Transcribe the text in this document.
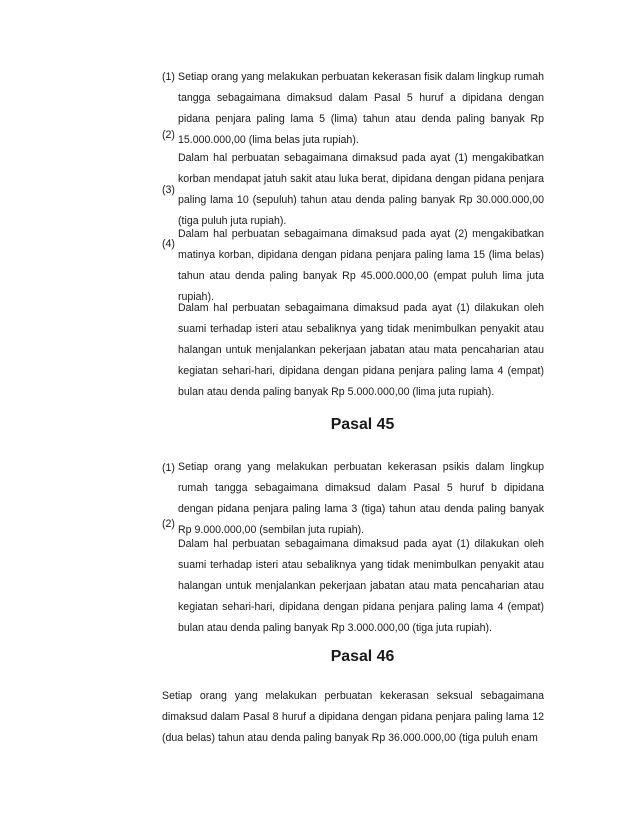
(1)
(2)
(3)
(4)

Setiap orang yang melakukan perbuatan kekerasan fisik dalam lingkup rumah tangga sebagaimana dimaksud dalam Pasal 5 huruf a dipidana dengan pidana penjara paling lama 5 (lima) tahun atau denda paling banyak Rp 15.000.000,00 (lima belas juta rupiah).

Dalam hal perbuatan sebagaimana dimaksud pada ayat (1) mengakibatkan korban mendapat jatuh sakit atau luka berat, dipidana dengan pidana penjara paling lama 10 (sepuluh) tahun atau denda paling banyak Rp 30.000.000,00 (tiga puluh juta rupiah).

Dalam hal perbuatan sebagaimana dimaksud pada ayat (2) mengakibatkan matinya korban, dipidana dengan pidana penjara paling lama 15 (lima belas) tahun atau denda paling banyak Rp 45.000.000,00 (empat puluh lima juta rupiah).

Dalam hal perbuatan sebagaimana dimaksud pada ayat (1) dilakukan oleh suami terhadap isteri atau sebaliknya yang tidak menimbulkan penyakit atau halangan untuk menjalankan pekerjaan jabatan atau mata pencaharian atau kegiatan sehari-hari, dipidana dengan pidana penjara paling lama 4 (empat) bulan atau denda paling banyak Rp 5.000.000,00 (lima juta rupiah).

Pasal 45
(1)
(2)

Setiap orang yang melakukan perbuatan kekerasan psikis dalam lingkup rumah tangga sebagaimana dimaksud dalam Pasal 5 huruf b dipidana dengan pidana penjara paling lama 3 (tiga) tahun atau denda paling banyak Rp 9.000.000,00 (sembilan juta rupiah).

Dalam hal perbuatan sebagaimana dimaksud pada ayat (1) dilakukan oleh suami terhadap isteri atau sebaliknya yang tidak menimbulkan penyakit atau halangan untuk menjalankan pekerjaan jabatan atau mata pencaharian atau kegiatan sehari-hari, dipidana dengan pidana penjara paling lama 4 (empat) bulan atau denda paling banyak Rp 3.000.000,00 (tiga juta rupiah).

Pasal 46

Setiap orang yang melakukan perbuatan kekerasan seksual sebagaimana dimaksud dalam Pasal 8 huruf a dipidana dengan pidana penjara paling lama 12 (dua belas) tahun atau denda paling banyak Rp 36.000.000,00 (tiga puluh enam
